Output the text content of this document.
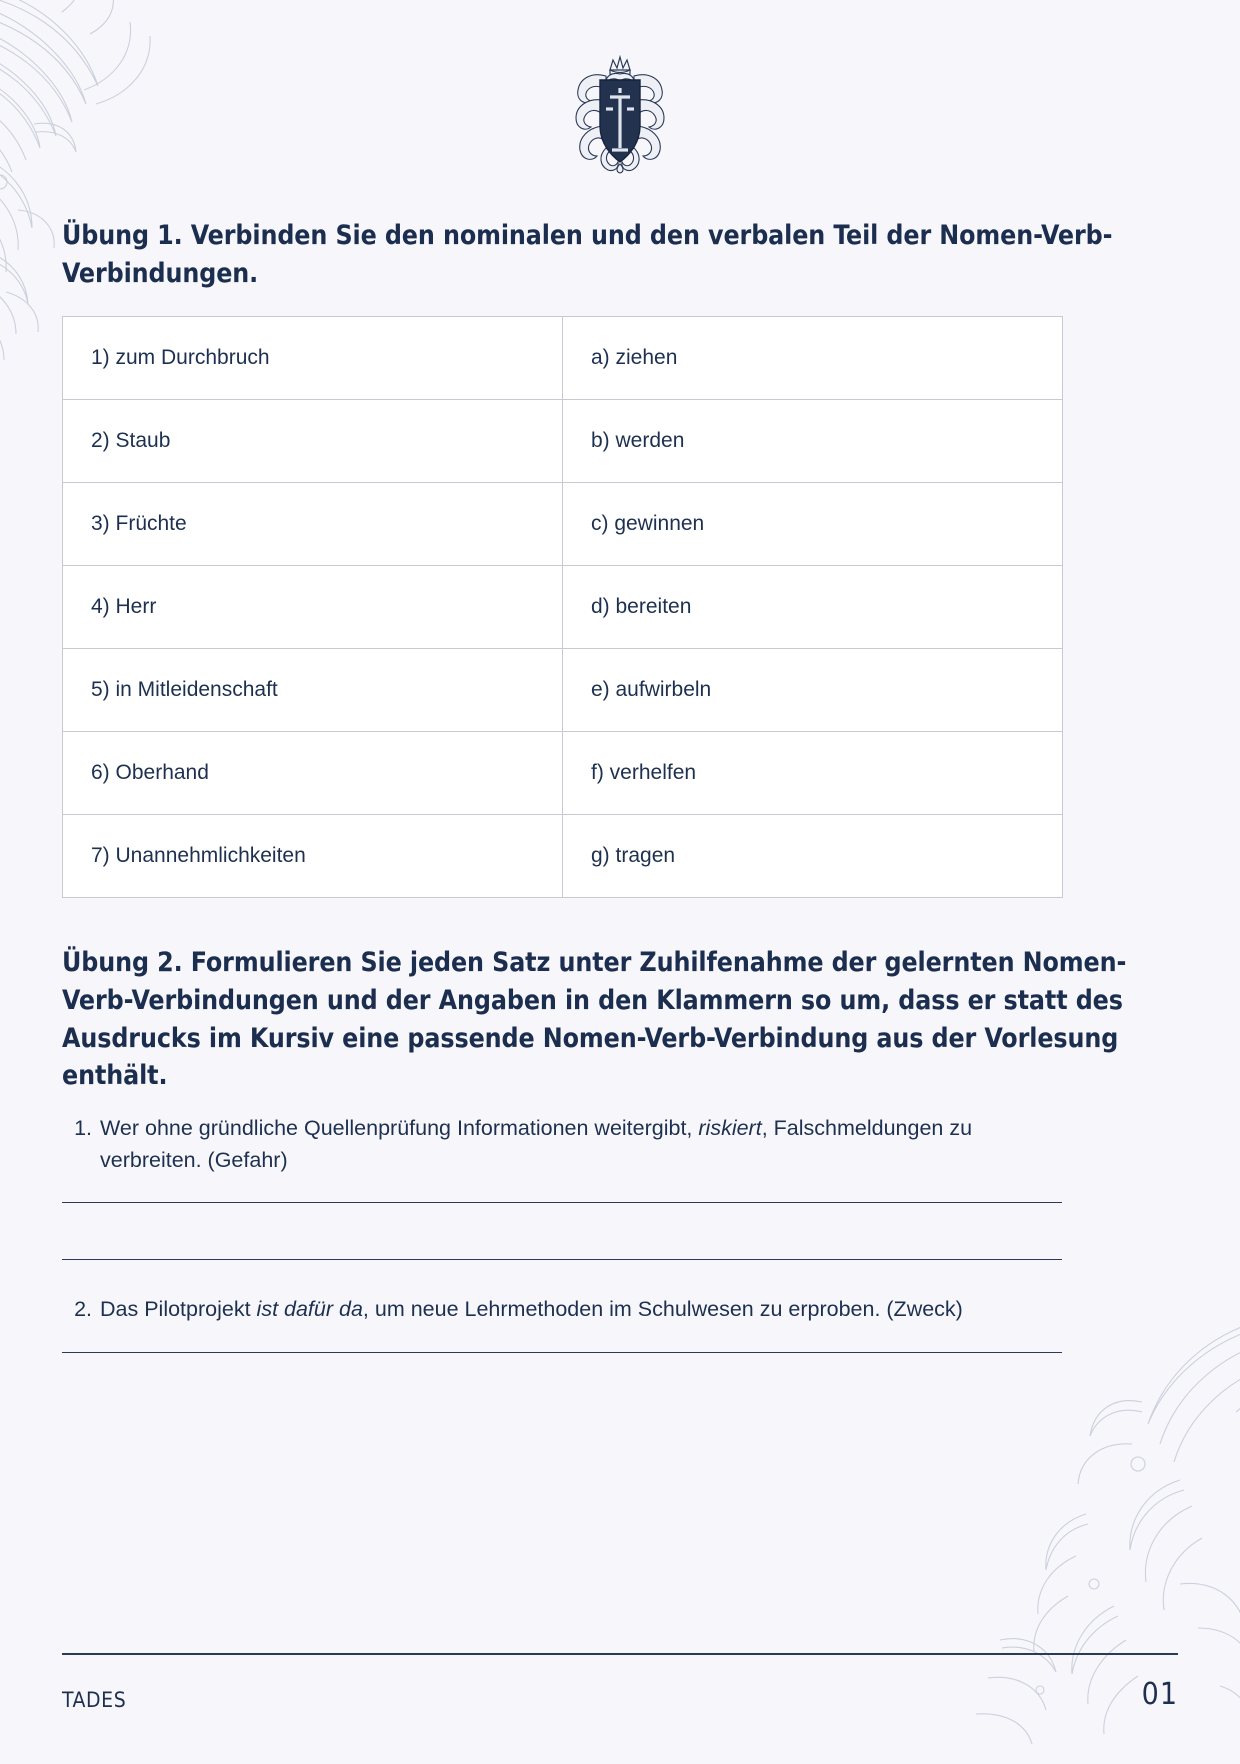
Übung 1. Verbinden Sie den nominalen und den verbalen Teil der Nomen-Verb-Verbindungen.
1) zum Durchbruch	a) ziehen
2) Staub	b) werden
3) Früchte	c) gewinnen
4) Herr	d) bereiten
5) in Mitleidenschaft	e) aufwirbeln
6) Oberhand	f) verhelfen
7) Unannehmlichkeiten	g) tragen
Übung 2. Formulieren Sie jeden Satz unter Zuhilfenahme der gelernten Nomen-Verb-Verbindungen und der Angaben in den Klammern so um, dass er statt des Ausdrucks im Kursiv eine passende Nomen-Verb-Verbindung aus der Vorlesung enthält.
1. Wer ohne gründliche Quellenprüfung Informationen weitergibt, riskiert, Falschmeldungen zu verbreiten. (Gefahr)
2. Das Pilotprojekt ist dafür da, um neue Lehrmethoden im Schulwesen zu erproben. (Zweck)
TADES	01
